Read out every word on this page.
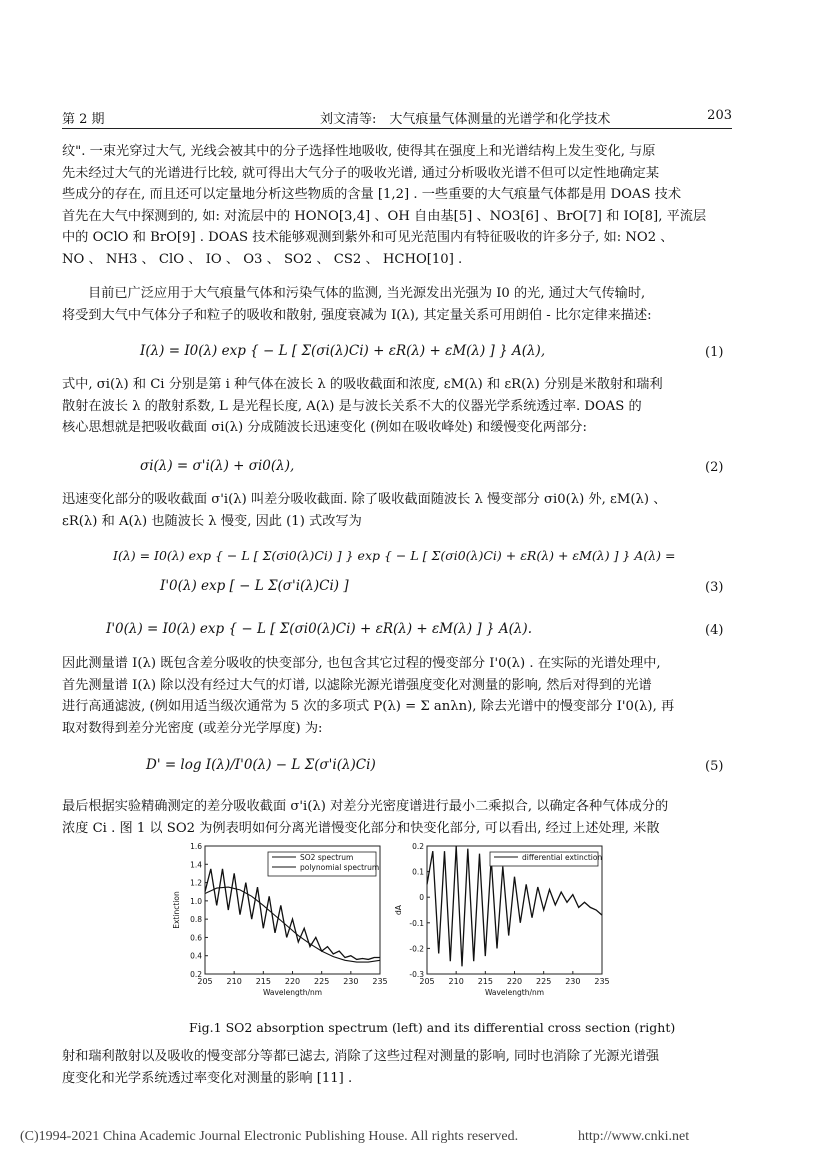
第 2 期	刘文清等:　大气痕量气体测量的光谱学和化学技术	203
纹". 一束光穿过大气, 光线会被其中的分子选择性地吸收, 使得其在强度上和光谱结构上发生变化, 与原
先未经过大气的光谱进行比较, 就可得出大气分子的吸收光谱, 通过分析吸收光谱不但可以定性地确定某
些成分的存在, 而且还可以定量地分析这些物质的含量 [1,2] . 一些重要的大气痕量气体都是用 DOAS 技术
首先在大气中探测到的, 如: 对流层中的 HONO[3,4] 、OH 自由基[5] 、NO3[6] 、BrO[7] 和 IO[8], 平流层
中的 OClO 和 BrO[9] . DOAS 技术能够观测到紫外和可见光范围内有特征吸收的许多分子, 如: NO2 、
NO 、 NH3 、 ClO 、 IO 、 O3 、 SO2 、 CS2 、 HCHO[10] .
目前已广泛应用于大气痕量气体和污染气体的监测, 当光源发出光强为 I0 的光, 通过大气传输时,
将受到大气中气体分子和粒子的吸收和散射, 强度衰减为 I(λ), 其定量关系可用朗伯 - 比尔定律来描述:
I(λ) = I0(λ) exp { − L [ Σ(σi(λ)Ci) + εR(λ) + εM(λ) ] } A(λ),	(1)
式中, σi(λ) 和 Ci 分别是第 i 种气体在波长 λ 的吸收截面和浓度, εM(λ) 和 εR(λ) 分别是米散射和瑞利
散射在波长 λ 的散射系数, L 是光程长度, A(λ) 是与波长关系不大的仪器光学系统透过率. DOAS 的
核心思想就是把吸收截面 σi(λ) 分成随波长迅速变化 (例如在吸收峰处) 和缓慢变化两部分:
σi(λ) = σ'i(λ) + σi0(λ),	(2)
迅速变化部分的吸收截面 σ'i(λ) 叫差分吸收截面. 除了吸收截面随波长 λ 慢变部分 σi0(λ) 外, εM(λ) 、
εR(λ) 和 A(λ) 也随波长 λ 慢变, 因此 (1) 式改写为
I(λ) = I0(λ) exp { − L [ Σ(σi0(λ)Ci) ] } exp { − L [ Σ(σi0(λ)Ci) + εR(λ) + εM(λ) ] } A(λ) =
I'0(λ) exp [ − L Σ(σ'i(λ)Ci) ]	(3)
I'0(λ) = I0(λ) exp { − L [ Σ(σi0(λ)Ci) + εR(λ) + εM(λ) ] } A(λ).	(4)
因此测量谱 I(λ) 既包含差分吸收的快变部分, 也包含其它过程的慢变部分 I'0(λ) . 在实际的光谱处理中,
首先测量谱 I(λ) 除以没有经过大气的灯谱, 以滤除光源光谱强度变化对测量的影响, 然后对得到的光谱
进行高通滤波, (例如用适当级次通常为 5 次的多项式 P(λ) = Σ anλn), 除去光谱中的慢变部分 I'0(λ), 再
取对数得到差分光密度 (或差分光学厚度) 为:
D' = log I(λ)/I'0(λ) − L Σ(σ'i(λ)Ci)	(5)
最后根据实验精确测定的差分吸收截面 σ'i(λ) 对差分光密度谱进行最小二乘拟合, 以确定各种气体成分的
浓度 Ci . 图 1 以 SO2 为例表明如何分离光谱慢变化部分和快变化部分, 可以看出, 经过上述处理, 米散
205 210 215 220 225 230 235
1.6
1.4
1.2
1.0
0.8
0.6
0.4
0.2
Wavelength/nm
Extinction
SO2 spectrum
polynomial spectrum
205 210 215 220 225 230 235
0.2
0.1
0
-0.1
-0.2
-0.3
Wavelength/nm
dA
differential extinction
Fig.1 SO2 absorption spectrum (left) and its differential cross section (right)
射和瑞利散射以及吸收的慢变部分等都已滤去, 消除了这些过程对测量的影响, 同时也消除了光源光谱强
度变化和光学系统透过率变化对测量的影响 [11] .
(C)1994-2021 China Academic Journal Electronic Publishing House. All rights reserved.	http://www.cnki.net
